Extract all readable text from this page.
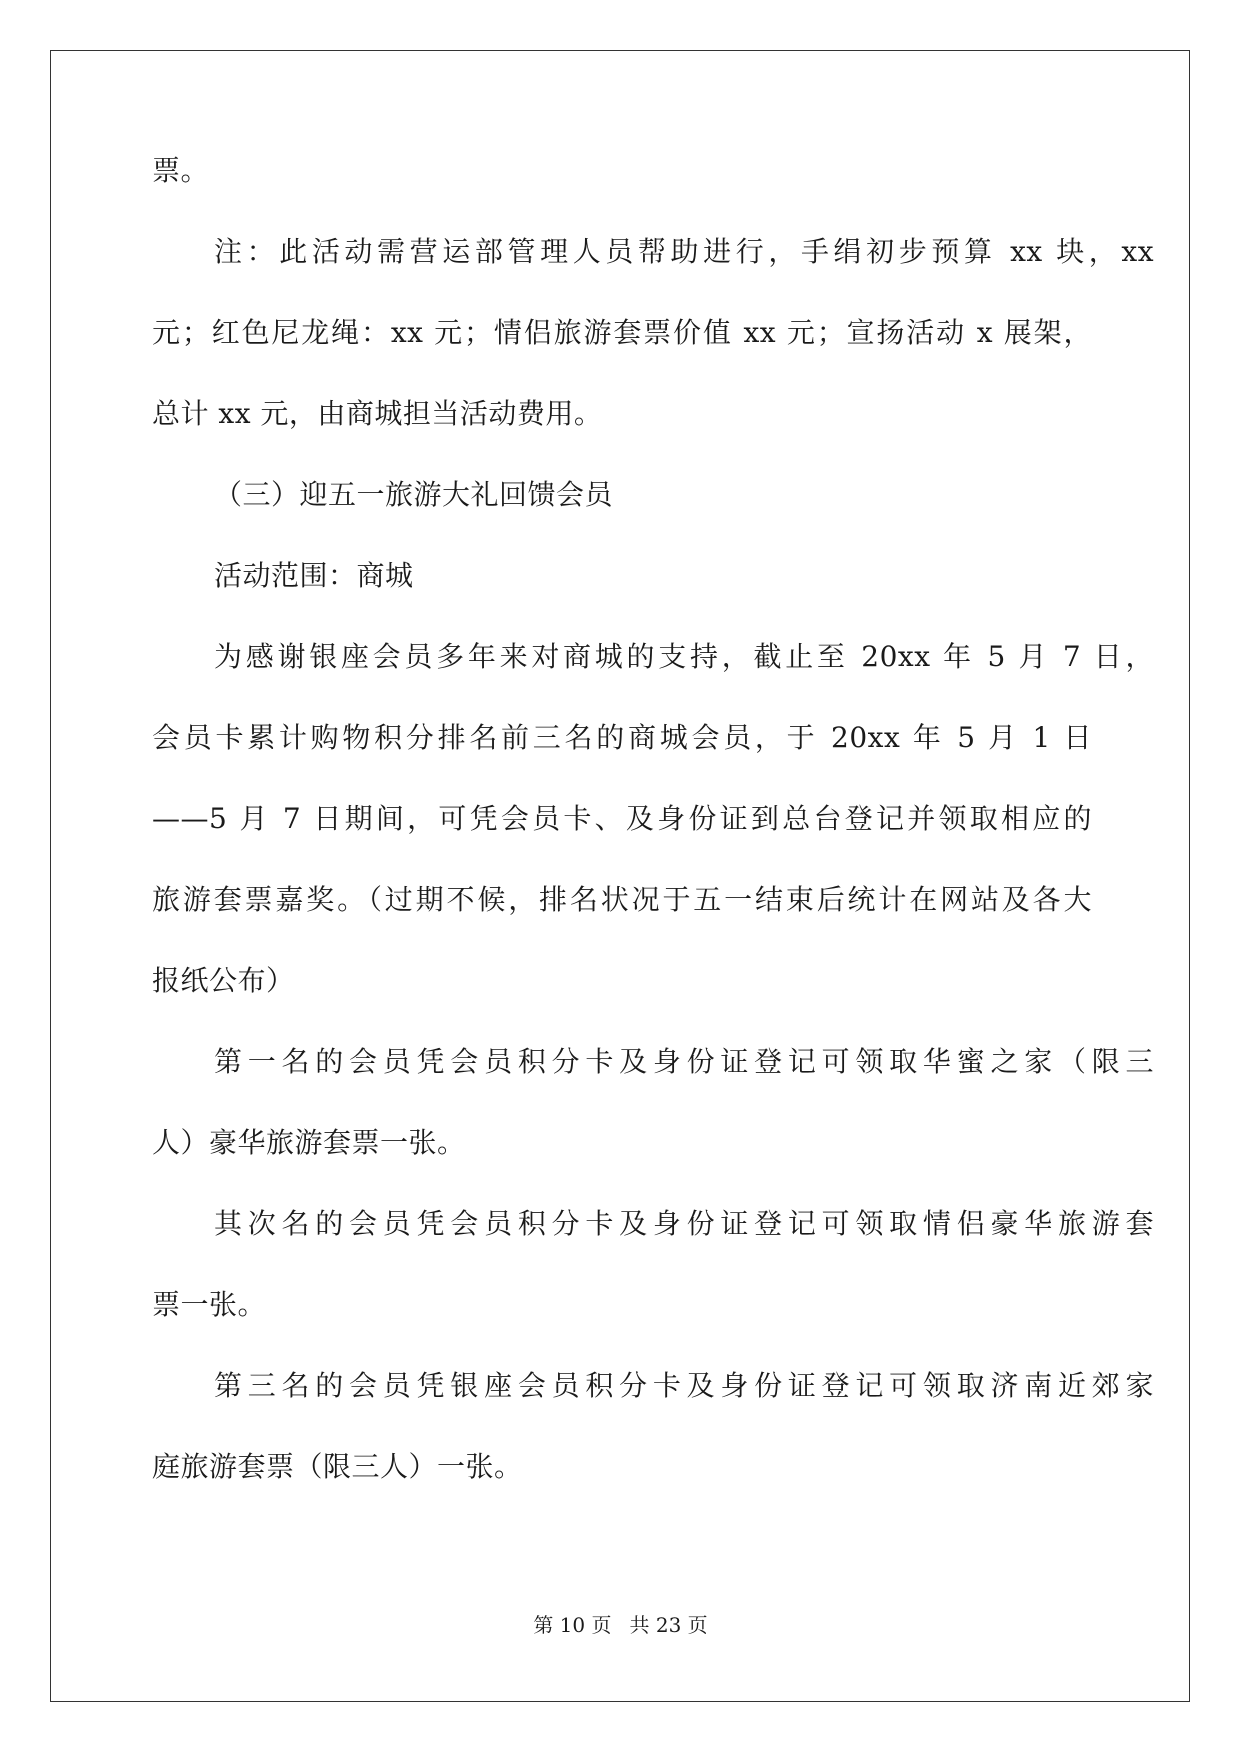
票。
注：此活动需营运部管理人员帮助进行，手绢初步预算 xx 块，xx
元；红色尼龙绳：xx 元；情侣旅游套票价值 xx 元；宣扬活动 x 展架，
总计 xx 元，由商城担当活动费用。
（三）迎五一旅游大礼回馈会员
活动范围：商城
为感谢银座会员多年来对商城的支持，截止至 20xx 年 5 月 7 日，
会员卡累计购物积分排名前三名的商城会员，于 20xx 年 5 月 1 日
——5 月 7 日期间，可凭会员卡、及身份证到总台登记并领取相应的
旅游套票嘉奖。（过期不候，排名状况于五一结束后统计在网站及各大
报纸公布）
第一名的会员凭会员积分卡及身份证登记可领取华蜜之家（限三
人）豪华旅游套票一张。
其次名的会员凭会员积分卡及身份证登记可领取情侣豪华旅游套
票一张。
第三名的会员凭银座会员积分卡及身份证登记可领取济南近郊家
庭旅游套票（限三人）一张。
第 10 页 共 23 页
